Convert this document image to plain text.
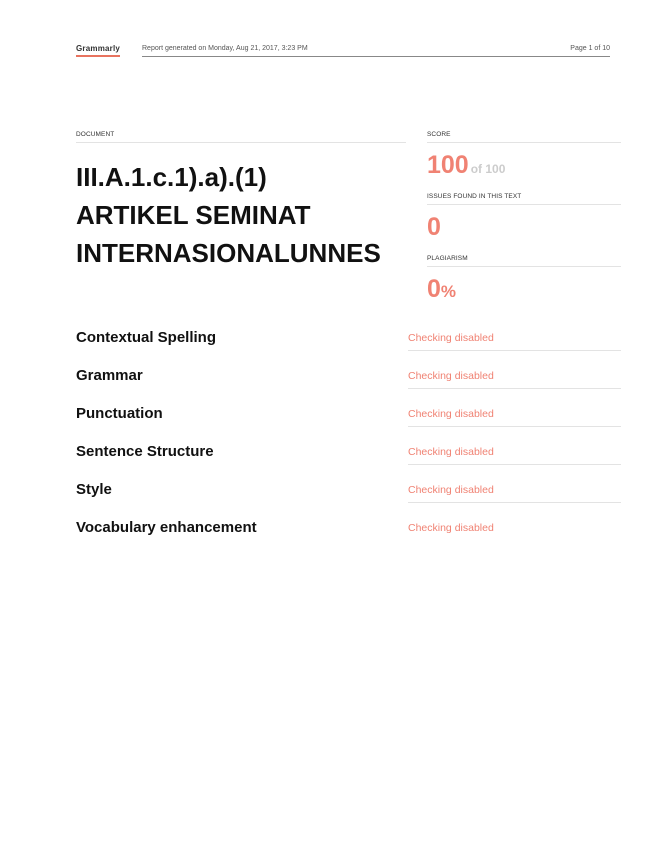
Grammarly	Report generated on Monday, Aug 21, 2017, 3:23 PM	Page 1 of 10
DOCUMENT
III.A.1.c.1).a).(1)
ARTIKEL SEMINAT
INTERNASIONALUNNES
SCORE
100 of 100
ISSUES FOUND IN THIS TEXT
0
PLAGIARISM
0%
Contextual Spelling	Checking disabled
Grammar	Checking disabled
Punctuation	Checking disabled
Sentence Structure	Checking disabled
Style	Checking disabled
Vocabulary enhancement	Checking disabled
